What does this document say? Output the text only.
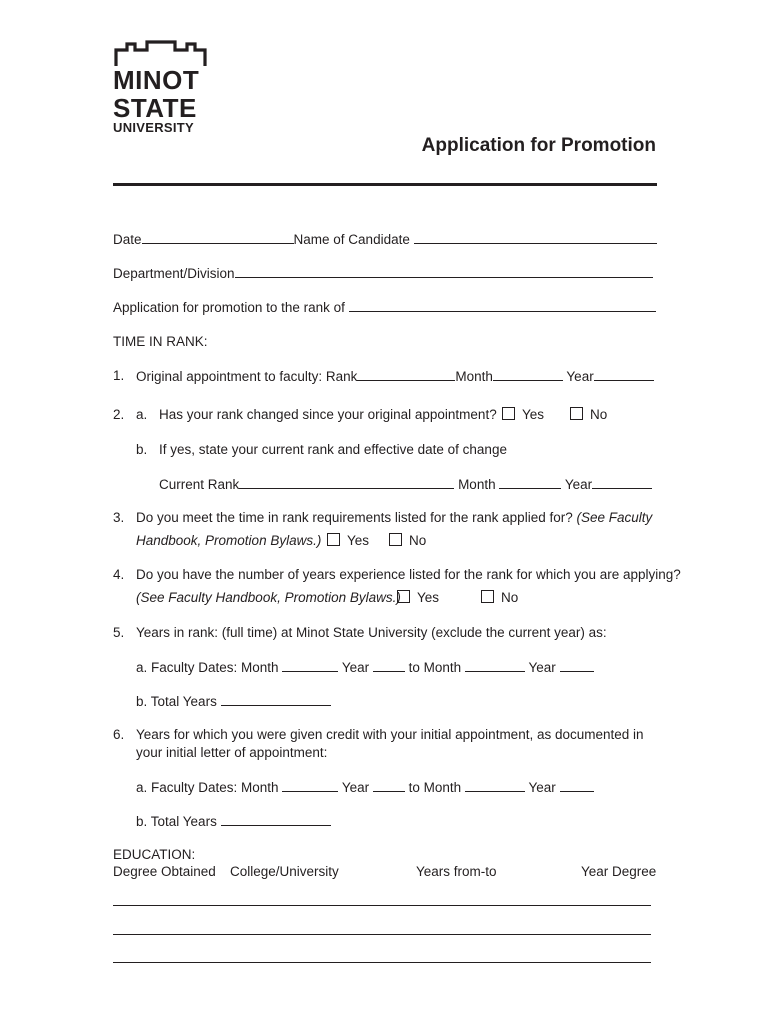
MINOT
STATE
UNIVERSITY
Application for Promotion
Date	Name of Candidate
Department/Division
Application for promotion to the rank of
TIME IN RANK:
1. Original appointment to faculty: Rank	Month	Year
2. a. Has your rank changed since your original appointment?	Yes	No
b. If yes, state your current rank and effective date of change
Current Rank	Month	Year
3. Do you meet the time in rank requirements listed for the rank applied for? (See Faculty
Handbook, Promotion Bylaws.)	Yes	No
4. Do you have the number of years experience listed for the rank for which you are applying?
(See Faculty Handbook, Promotion Bylaws.)	Yes	No
5. Years in rank: (full time) at Minot State University (exclude the current year) as:
a. Faculty Dates: Month	Year	to Month	Year
b. Total Years
6. Years for which you were given credit with your initial appointment, as documented in
your initial letter of appointment:
a. Faculty Dates: Month	Year	to Month	Year
b. Total Years
EDUCATION:
Degree Obtained College/University	Years from-to	Year Degree
